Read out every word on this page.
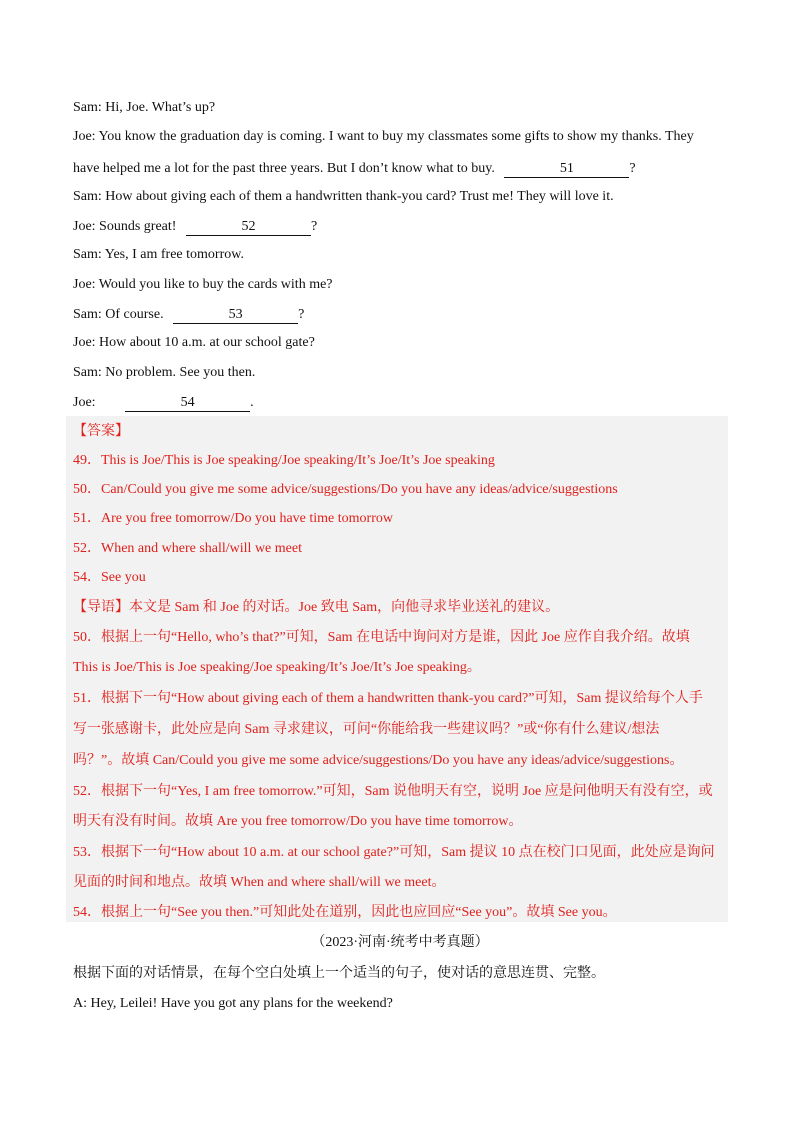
Sam: Hi, Joe. What’s up?
Joe: You know the graduation day is coming. I want to buy my classmates some gifts to show my thanks. They
have helped me a lot for the past three years. But I don’t know what to buy.	51	?
Sam: How about giving each of them a handwritten thank-you card? Trust me! They will love it.
Joe: Sounds great!	52	?
Sam: Yes, I am free tomorrow.
Joe: Would you like to buy the cards with me?
Sam: Of course.	53	?
Joe: How about 10 a.m. at our school gate?
Sam: No problem. See you then.
Joe:	54	.
【答案】
49．This is Joe/This is Joe speaking/Joe speaking/It’s Joe/It’s Joe speaking
50．Can/Could you give me some advice/suggestions/Do you have any ideas/advice/suggestions
51．Are you free tomorrow/Do you have time tomorrow
52．When and where shall/will we meet
54．See you
【导语】本文是 Sam 和 Joe 的对话。Joe 致电 Sam，向他寻求毕业送礼的建议。
50．根据上一句“Hello, who’s that?”可知，Sam 在电话中询问对方是谁，因此 Joe 应作自我介绍。故填
This is Joe/This is Joe speaking/Joe speaking/It’s Joe/It’s Joe speaking。
51．根据下一句“How about giving each of them a handwritten thank-you card?”可知，Sam 提议给每个人手
写一张感谢卡，此处应是向 Sam 寻求建议，可问“你能给我一些建议吗？”或“你有什么建议/想法
吗？”。故填 Can/Could you give me some advice/suggestions/Do you have any ideas/advice/suggestions。
52．根据下一句“Yes, I am free tomorrow.”可知，Sam 说他明天有空，说明 Joe 应是问他明天有没有空，或
明天有没有时间。故填 Are you free tomorrow/Do you have time tomorrow。
53．根据下一句“How about 10 a.m. at our school gate?”可知，Sam 提议 10 点在校门口见面，此处应是询问
见面的时间和地点。故填 When and where shall/will we meet。
54．根据上一句“See you then.”可知此处在道别，因此也应回应“See you”。故填 See you。
（2023·河南·统考中考真题）
根据下面的对话情景，在每个空白处填上一个适当的句子，使对话的意思连贯、完整。
A: Hey, Leilei! Have you got any plans for the weekend?
